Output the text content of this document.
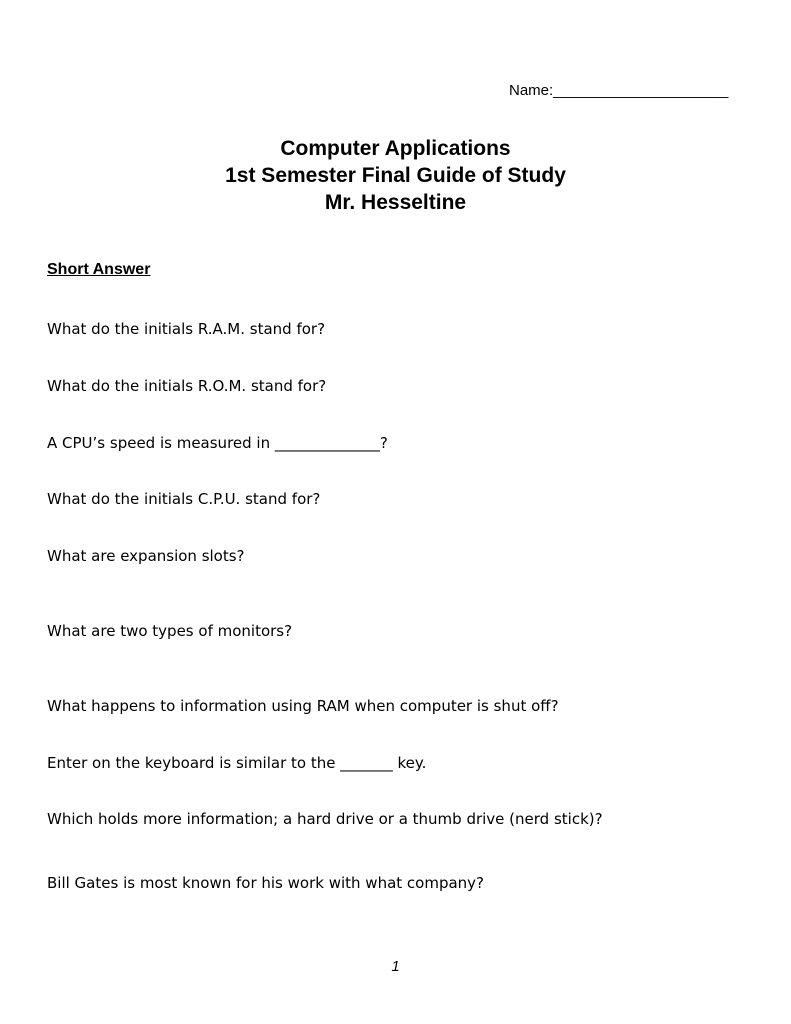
Name:_____________________
Computer Applications
1st Semester Final Guide of Study
Mr. Hesseltine
Short Answer
What do the initials R.A.M. stand for?
What do the initials R.O.M. stand for?
A CPU’s speed is measured in ______________?
What do the initials C.P.U. stand for?
What are expansion slots?
What are two types of monitors?
What happens to information using RAM when computer is shut off?
Enter on the keyboard is similar to the _______ key.
Which holds more information; a hard drive or a thumb drive (nerd stick)?
Bill Gates is most known for his work with what company?
1
